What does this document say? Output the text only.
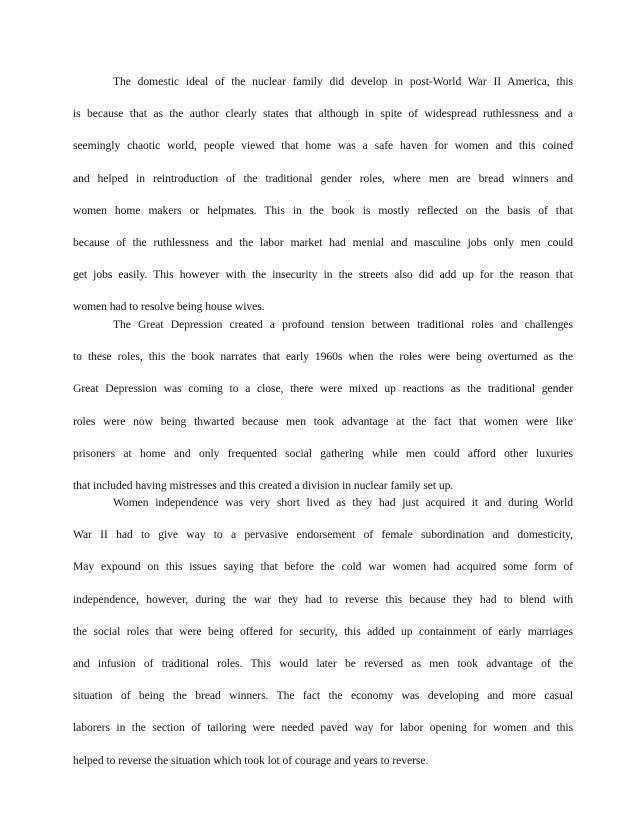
The domestic ideal of the nuclear family did develop in post-World War II America, this
is because that as the author clearly states that although in spite of widespread ruthlessness and a
seemingly chaotic world, people viewed that home was a safe haven for women and this coined
and helped in reintroduction of the traditional gender roles, where men are bread winners and
women home makers or helpmates. This in the book is mostly reflected on the basis of that
because of the ruthlessness and the labor market had menial and masculine jobs only men could
get jobs easily. This however with the insecurity in the streets also did add up for the reason that
women had to resolve being house wives.
The Great Depression created a profound tension between traditional roles and challenges
to these roles, this the book narrates that early 1960s when the roles were being overturned as the
Great Depression was coming to a close, there were mixed up reactions as the traditional gender
roles were now being thwarted because men took advantage at the fact that women were like
prisoners at home and only frequented social gathering while men could afford other luxuries
that included having mistresses and this created a division in nuclear family set up.
Women independence was very short lived as they had just acquired it and during World
War II had to give way to a pervasive endorsement of female subordination and domesticity,
May expound on this issues saying that before the cold war women had acquired some form of
independence, however, during the war they had to reverse this because they had to blend with
the social roles that were being offered for security, this added up containment of early marriages
and infusion of traditional roles. This would later be reversed as men took advantage of the
situation of being the bread winners. The fact the economy was developing and more casual
laborers in the section of tailoring were needed paved way for labor opening for women and this
helped to reverse the situation which took lot of courage and years to reverse.
